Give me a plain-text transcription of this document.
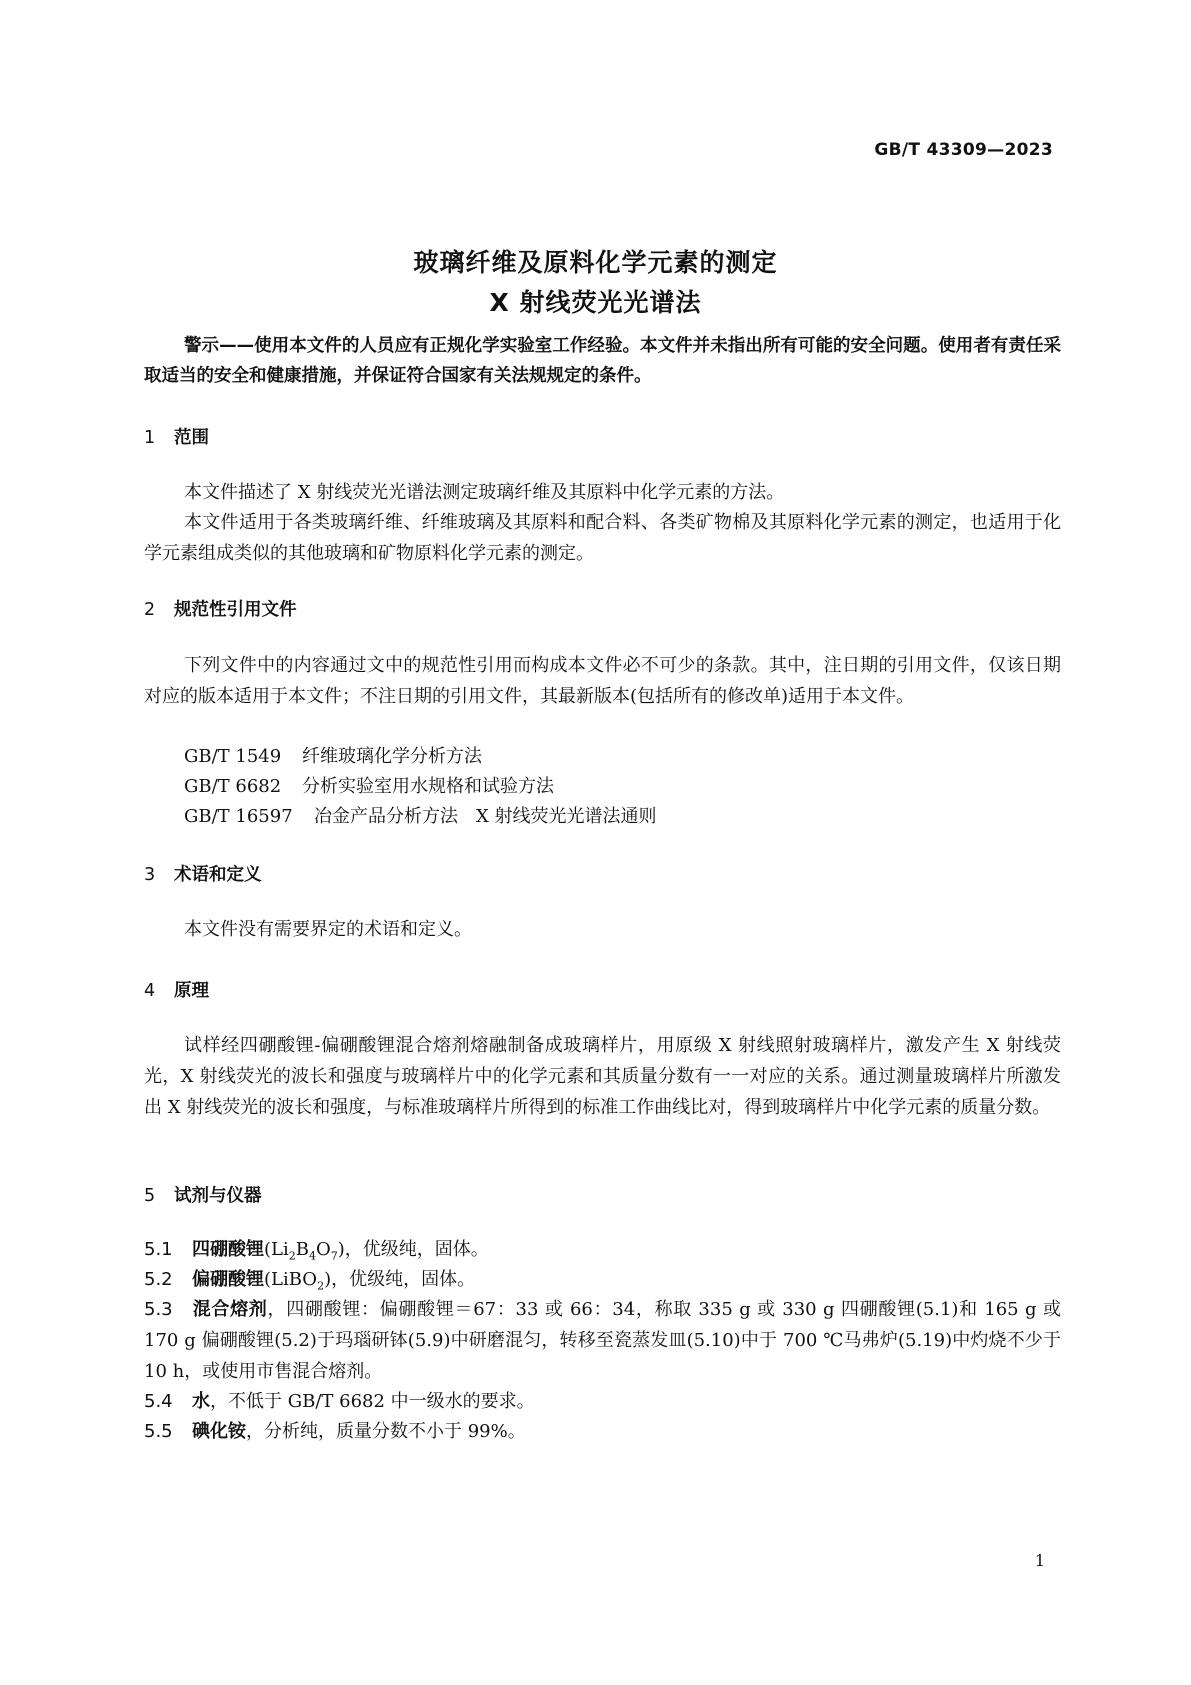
GB/T 43309—2023
玻璃纤维及原料化学元素的测定
X 射线荧光光谱法
警示——使用本文件的人员应有正规化学实验室工作经验。本文件并未指出所有可能的安全问题。使用者有责任采取适当的安全和健康措施，并保证符合国家有关法规规定的条件。
1 范围
本文件描述了 X 射线荧光光谱法测定玻璃纤维及其原料中化学元素的方法。
本文件适用于各类玻璃纤维、纤维玻璃及其原料和配合料、各类矿物棉及其原料化学元素的测定，也适用于化学元素组成类似的其他玻璃和矿物原料化学元素的测定。
2 规范性引用文件
下列文件中的内容通过文中的规范性引用而构成本文件必不可少的条款。其中，注日期的引用文件，仅该日期对应的版本适用于本文件；不注日期的引用文件，其最新版本(包括所有的修改单)适用于本文件。
GB/T 1549 纤维玻璃化学分析方法
GB/T 6682 分析实验室用水规格和试验方法
GB/T 16597 冶金产品分析方法　X 射线荧光光谱法通则
3 术语和定义
本文件没有需要界定的术语和定义。
4 原理
试样经四硼酸锂-偏硼酸锂混合熔剂熔融制备成玻璃样片，用原级 X 射线照射玻璃样片，激发产生 X 射线荧光，X 射线荧光的波长和强度与玻璃样片中的化学元素和其质量分数有一一对应的关系。通过测量玻璃样片所激发出 X 射线荧光的波长和强度，与标准玻璃样片所得到的标准工作曲线比对，得到玻璃样片中化学元素的质量分数。
5 试剂与仪器
5.1 四硼酸锂$(Li_2B_4O_7)$，优级纯，固体。
5.2 偏硼酸锂(LiBO$_2$)，优级纯，固体。
5.3 混合熔剂，四硼酸锂：偏硼酸锂＝67：33 或 66：34，称取 335 g 或 330 g 四硼酸锂(5.1)和 165 g 或 170 g 偏硼酸锂(5.2)于玛瑙研钵(5.9)中研磨混匀，转移至瓷蒸发皿(5.10)中于 700 ℃马弗炉(5.19)中灼烧不少于 10 h，或使用市售混合熔剂。
5.4 水，不低于 GB/T 6682 中一级水的要求。
5.5 碘化铵，分析纯，质量分数不小于 99%。
1
